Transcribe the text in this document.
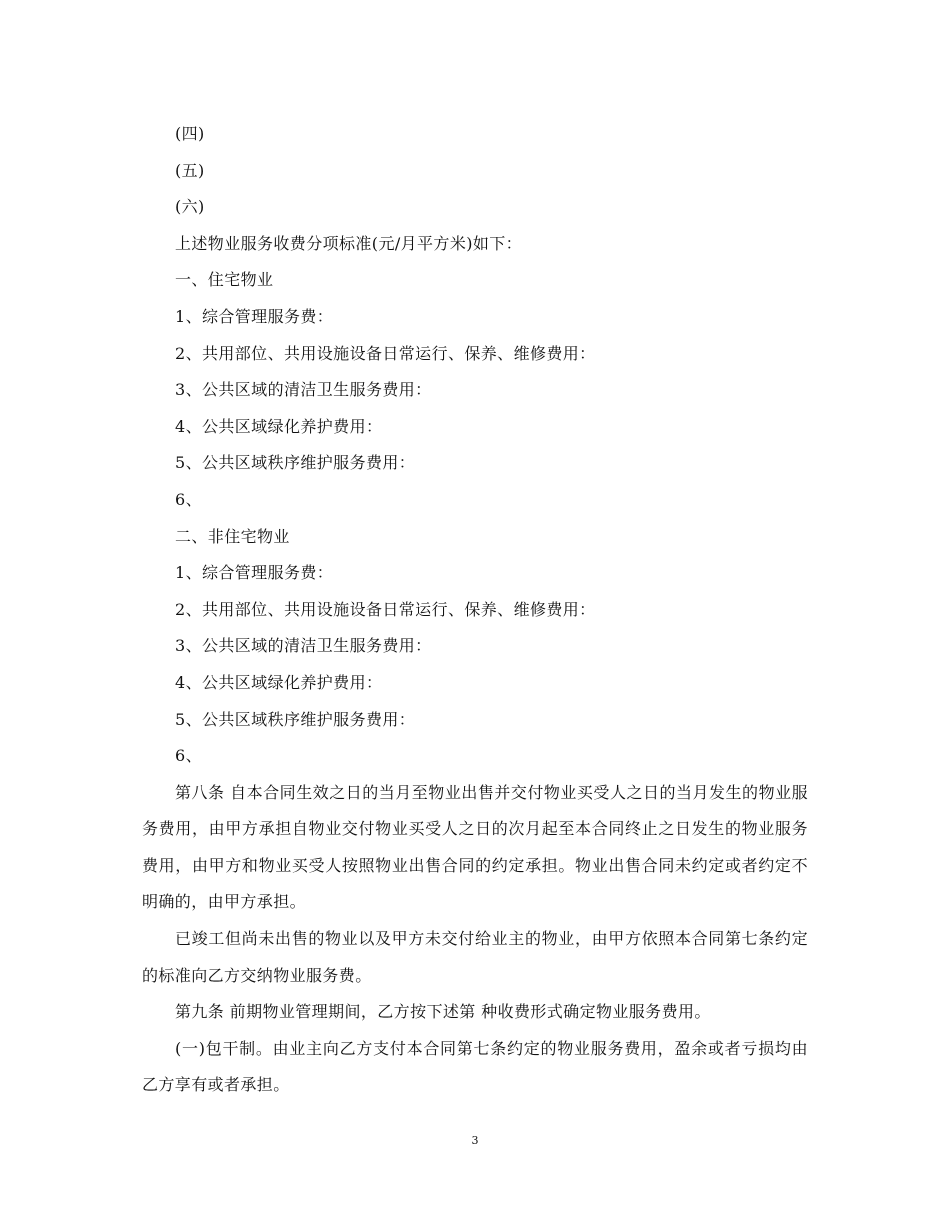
(四)

(五)

(六)

上述物业服务收费分项标准(元/月平方米)如下：

一、住宅物业

1、综合管理服务费：

2、共用部位、共用设施设备日常运行、保养、维修费用：

3、公共区域的清洁卫生服务费用：

4、公共区域绿化养护费用：

5、公共区域秩序维护服务费用：

6、

二、非住宅物业

1、综合管理服务费：

2、共用部位、共用设施设备日常运行、保养、维修费用：

3、公共区域的清洁卫生服务费用：

4、公共区域绿化养护费用：

5、公共区域秩序维护服务费用：

6、

第八条 自本合同生效之日的当月至物业出售并交付物业买受人之日的当月发生的物业服务费用，由甲方承担自物业交付物业买受人之日的次月起至本合同终止之日发生的物业服务费用，由甲方和物业买受人按照物业出售合同的约定承担。物业出售合同未约定或者约定不明确的，由甲方承担。

已竣工但尚未出售的物业以及甲方未交付给业主的物业，由甲方依照本合同第七条约定的标准向乙方交纳物业服务费。

第九条 前期物业管理期间，乙方按下述第 种收费形式确定物业服务费用。

(一)包干制。由业主向乙方支付本合同第七条约定的物业服务费用，盈余或者亏损均由乙方享有或者承担。

3
